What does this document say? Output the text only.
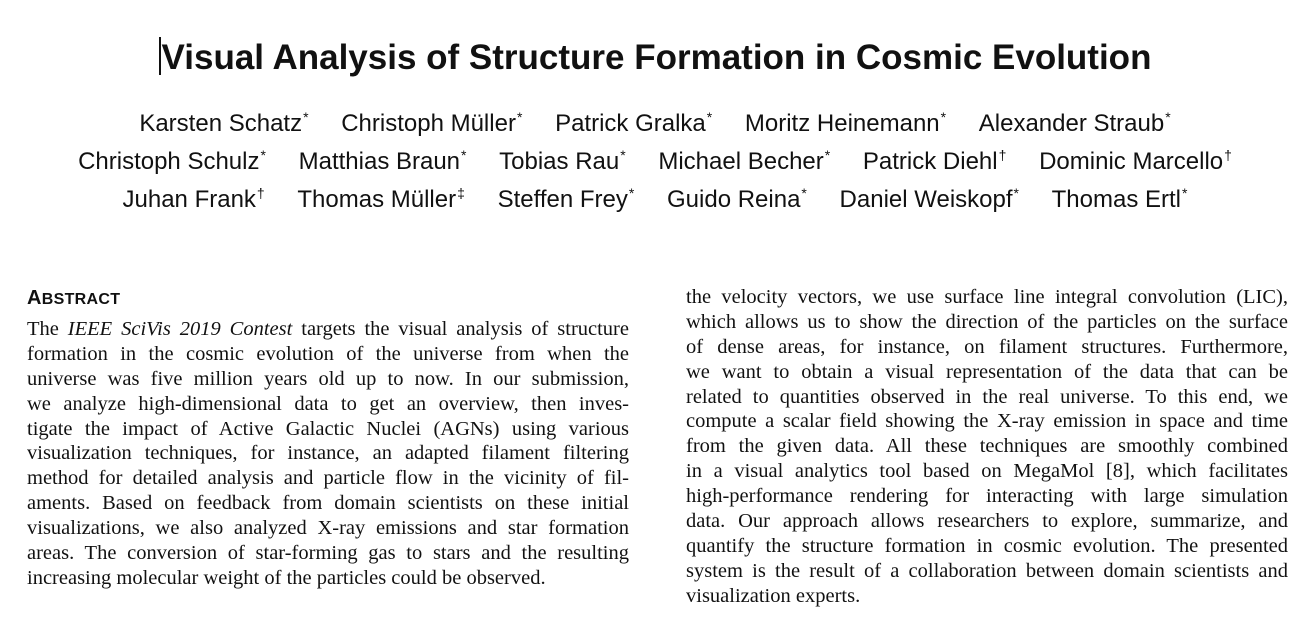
Visual Analysis of Structure Formation in Cosmic Evolution
Karsten Schatz* Christoph Müller* Patrick Gralka* Moritz Heinemann* Alexander Straub*
Christoph Schulz* Matthias Braun* Tobias Rau* Michael Becher* Patrick Diehl† Dominic Marcello†
Juhan Frank† Thomas Müller‡ Steffen Frey* Guido Reina* Daniel Weiskopf* Thomas Ertl*
ABSTRACT
The IEEE SciVis 2019 Contest targets the visual analysis of structure
formation in the cosmic evolution of the universe from when the
universe was five million years old up to now. In our submission,
we analyze high-dimensional data to get an overview, then inves-
tigate the impact of Active Galactic Nuclei (AGNs) using various
visualization techniques, for instance, an adapted filament filtering
method for detailed analysis and particle flow in the vicinity of fil-
aments. Based on feedback from domain scientists on these initial
visualizations, we also analyzed X-ray emissions and star formation
areas. The conversion of star-forming gas to stars and the resulting
increasing molecular weight of the particles could be observed.
the velocity vectors, we use surface line integral convolution (LIC),
which allows us to show the direction of the particles on the surface
of dense areas, for instance, on filament structures. Furthermore,
we want to obtain a visual representation of the data that can be
related to quantities observed in the real universe. To this end, we
compute a scalar field showing the X-ray emission in space and time
from the given data. All these techniques are smoothly combined
in a visual analytics tool based on MegaMol [8], which facilitates
high-performance rendering for interacting with large simulation
data. Our approach allows researchers to explore, summarize, and
quantify the structure formation in cosmic evolution. The presented
system is the result of a collaboration between domain scientists and
visualization experts.
